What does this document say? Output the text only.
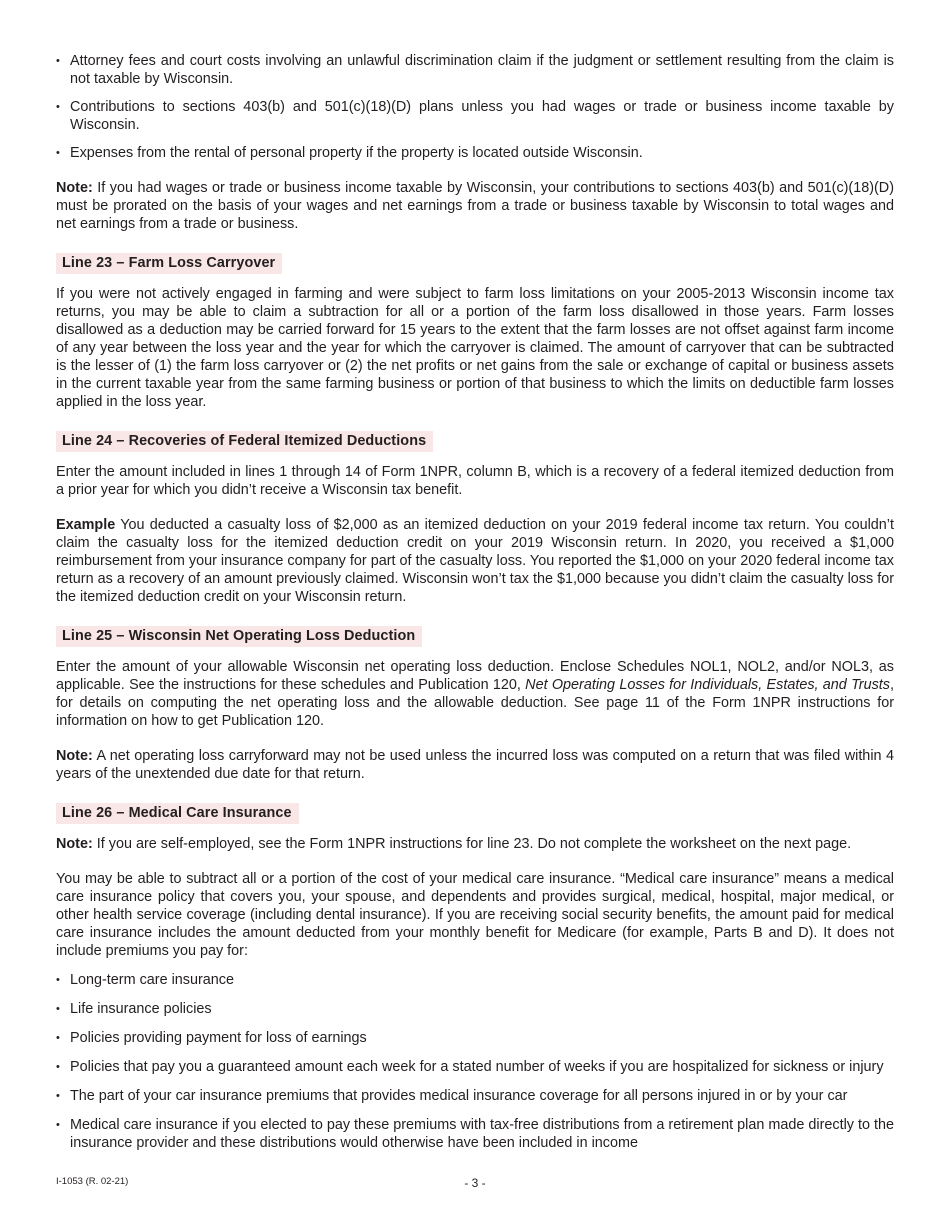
• Attorney fees and court costs involving an unlawful discrimination claim if the judgment or settlement resulting from the claim is not taxable by Wisconsin.
• Contributions to sections 403(b) and 501(c)(18)(D) plans unless you had wages or trade or business income taxable by Wisconsin.
• Expenses from the rental of personal property if the property is located outside Wisconsin.

Note: If you had wages or trade or business income taxable by Wisconsin, your contributions to sections 403(b) and 501(c)(18)(D) must be prorated on the basis of your wages and net earnings from a trade or business taxable by Wisconsin to total wages and net earnings from a trade or business.

Line 23 – Farm Loss Carryover

If you were not actively engaged in farming and were subject to farm loss limitations on your 2005-2013 Wisconsin income tax returns, you may be able to claim a subtraction for all or a portion of the farm loss disallowed in those years. Farm losses disallowed as a deduction may be carried forward for 15 years to the extent that the farm losses are not offset against farm income of any year between the loss year and the year for which the carryover is claimed. The amount of carryover that can be subtracted is the lesser of (1) the farm loss carryover or (2) the net profits or net gains from the sale or exchange of capital or business assets in the current taxable year from the same farming business or portion of that business to which the limits on deductible farm losses applied in the loss year.

Line 24 – Recoveries of Federal Itemized Deductions

Enter the amount included in lines 1 through 14 of Form 1NPR, column B, which is a recovery of a federal itemized deduction from a prior year for which you didn’t receive a Wisconsin tax benefit.

Example You deducted a casualty loss of $2,000 as an itemized deduction on your 2019 federal income tax return. You couldn’t claim the casualty loss for the itemized deduction credit on your 2019 Wisconsin return. In 2020, you received a $1,000 reimbursement from your insurance company for part of the casualty loss. You reported the $1,000 on your 2020 federal income tax return as a recovery of an amount previously claimed. Wisconsin won’t tax the $1,000 because you didn’t claim the casualty loss for the itemized deduction credit on your Wisconsin return.

Line 25 – Wisconsin Net Operating Loss Deduction

Enter the amount of your allowable Wisconsin net operating loss deduction. Enclose Schedules NOL1, NOL2, and/or NOL3, as applicable. See the instructions for these schedules and Publication 120, Net Operating Losses for Individuals, Estates, and Trusts, for details on computing the net operating loss and the allowable deduction. See page 11 of the Form 1NPR instructions for information on how to get Publication 120.

Note: A net operating loss carryforward may not be used unless the incurred loss was computed on a return that was filed within 4 years of the unextended due date for that return.

Line 26 – Medical Care Insurance

Note: If you are self-employed, see the Form 1NPR instructions for line 23. Do not complete the worksheet on the next page.

You may be able to subtract all or a portion of the cost of your medical care insurance. “Medical care insurance” means a medical care insurance policy that covers you, your spouse, and dependents and provides surgical, medical, hospital, major medical, or other health service coverage (including dental insurance). If you are receiving social security benefits, the amount paid for medical care insurance includes the amount deducted from your monthly benefit for Medicare (for example, Parts B and D). It does not include premiums you pay for:

• Long-term care insurance
• Life insurance policies
• Policies providing payment for loss of earnings
• Policies that pay you a guaranteed amount each week for a stated number of weeks if you are hospitalized for sickness or injury
• The part of your car insurance premiums that provides medical insurance coverage for all persons injured in or by your car
• Medical care insurance if you elected to pay these premiums with tax-free distributions from a retirement plan made directly to the insurance provider and these distributions would otherwise have been included in income
I-1053 (R. 02-21)	- 3 -
